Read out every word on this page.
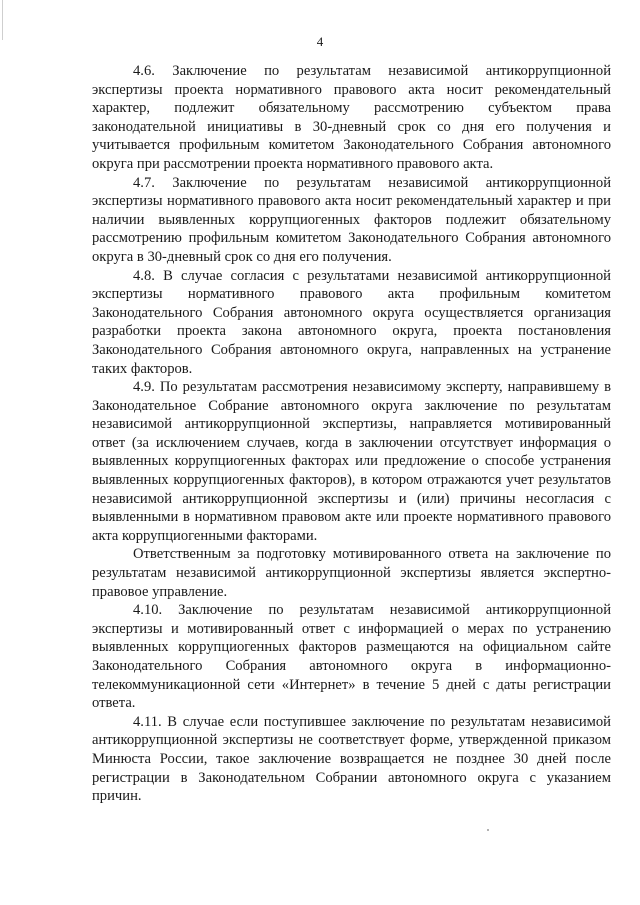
4

4.6. Заключение по результатам независимой антикоррупционной экспертизы проекта нормативного правового акта носит рекомендательный характер, подлежит обязательному рассмотрению субъектом права законодательной инициативы в 30-дневный срок со дня его получения и учитывается профильным комитетом Законодательного Собрания автономного округа при рассмотрении проекта нормативного правового акта.

4.7. Заключение по результатам независимой антикоррупционной экспертизы нормативного правового акта носит рекомендательный характер и при наличии выявленных коррупциогенных факторов подлежит обязательному рассмотрению профильным комитетом Законодательного Собрания автономного округа в 30-дневный срок со дня его получения.

4.8. В случае согласия с результатами независимой антикоррупционной экспертизы нормативного правового акта профильным комитетом Законодательного Собрания автономного округа осуществляется организация разработки проекта закона автономного округа, проекта постановления Законодательного Собрания автономного округа, направленных на устранение таких факторов.

4.9. По результатам рассмотрения независимому эксперту, направившему в Законодательное Собрание автономного округа заключение по результатам независимой антикоррупционной экспертизы, направляется мотивированный ответ (за исключением случаев, когда в заключении отсутствует информация о выявленных коррупциогенных факторах или предложение о способе устранения выявленных коррупциогенных факторов), в котором отражаются учет результатов независимой антикоррупционной экспертизы и (или) причины несогласия с выявленными в нормативном правовом акте или проекте нормативного правового акта коррупциогенными факторами.

Ответственным за подготовку мотивированного ответа на заключение по результатам независимой антикоррупционной экспертизы является экспертно-правовое управление.

4.10. Заключение по результатам независимой антикоррупционной экспертизы и мотивированный ответ с информацией о мерах по устранению выявленных коррупциогенных факторов размещаются на официальном сайте Законодательного Собрания автономного округа в информационно-телекоммуникационной сети «Интернет» в течение 5 дней с даты регистрации ответа.

4.11. В случае если поступившее заключение по результатам независимой антикоррупционной экспертизы не соответствует форме, утвержденной приказом Минюста России, такое заключение возвращается не позднее 30 дней после регистрации в Законодательном Собрании автономного округа с указанием причин.
